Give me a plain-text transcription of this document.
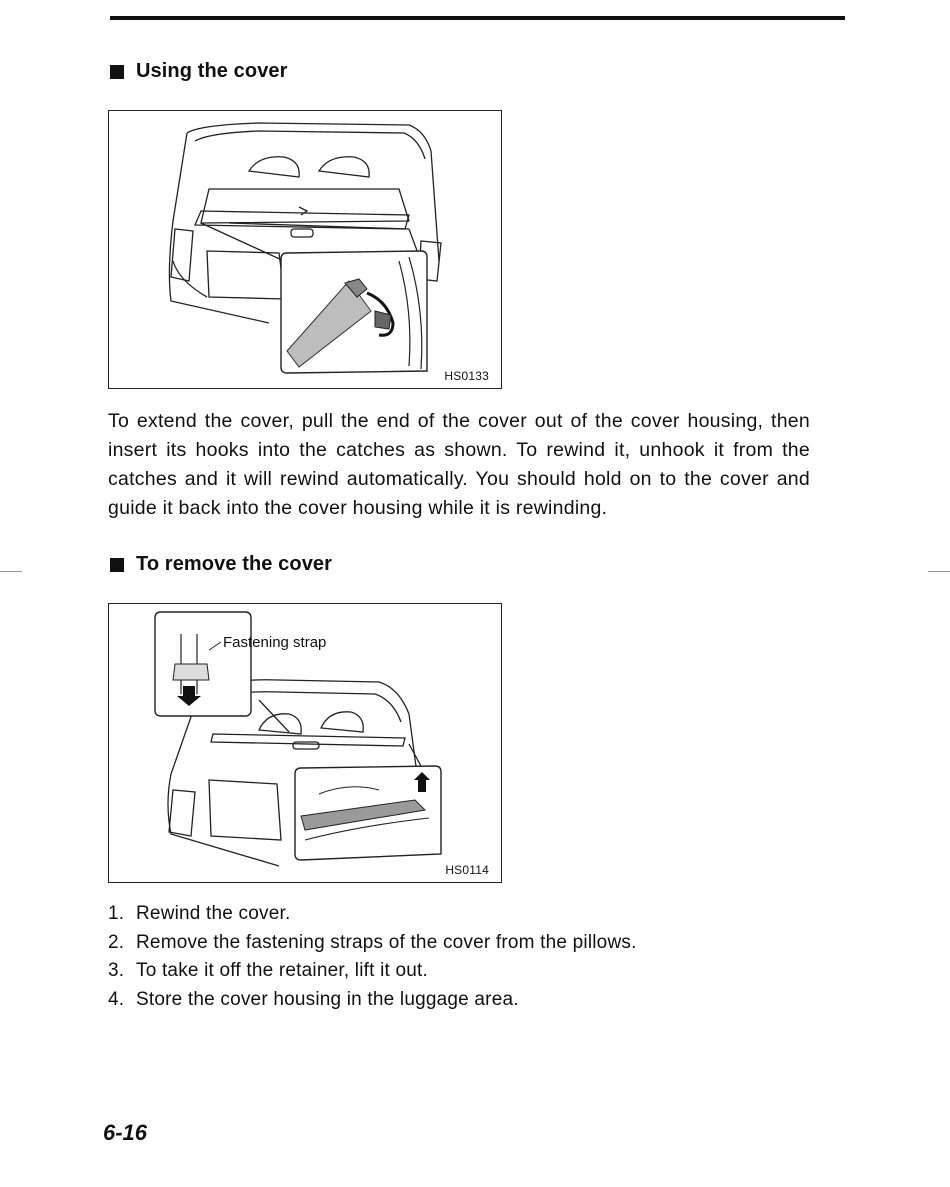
Using the cover
HS0133

To extend the cover, pull the end of the cover out of the cover housing, then insert its hooks into the catches as shown. To rewind it, unhook it from the catches and it will rewind automatically. You should hold on to the cover and guide it back into the cover housing while it is rewinding.

To remove the cover
Fastening strap
HS0114
1. Rewind the cover.
2. Remove the fastening straps of the cover from the pillows.
3. To take it off the retainer, lift it out.
4. Store the cover housing in the luggage area.
6-16
